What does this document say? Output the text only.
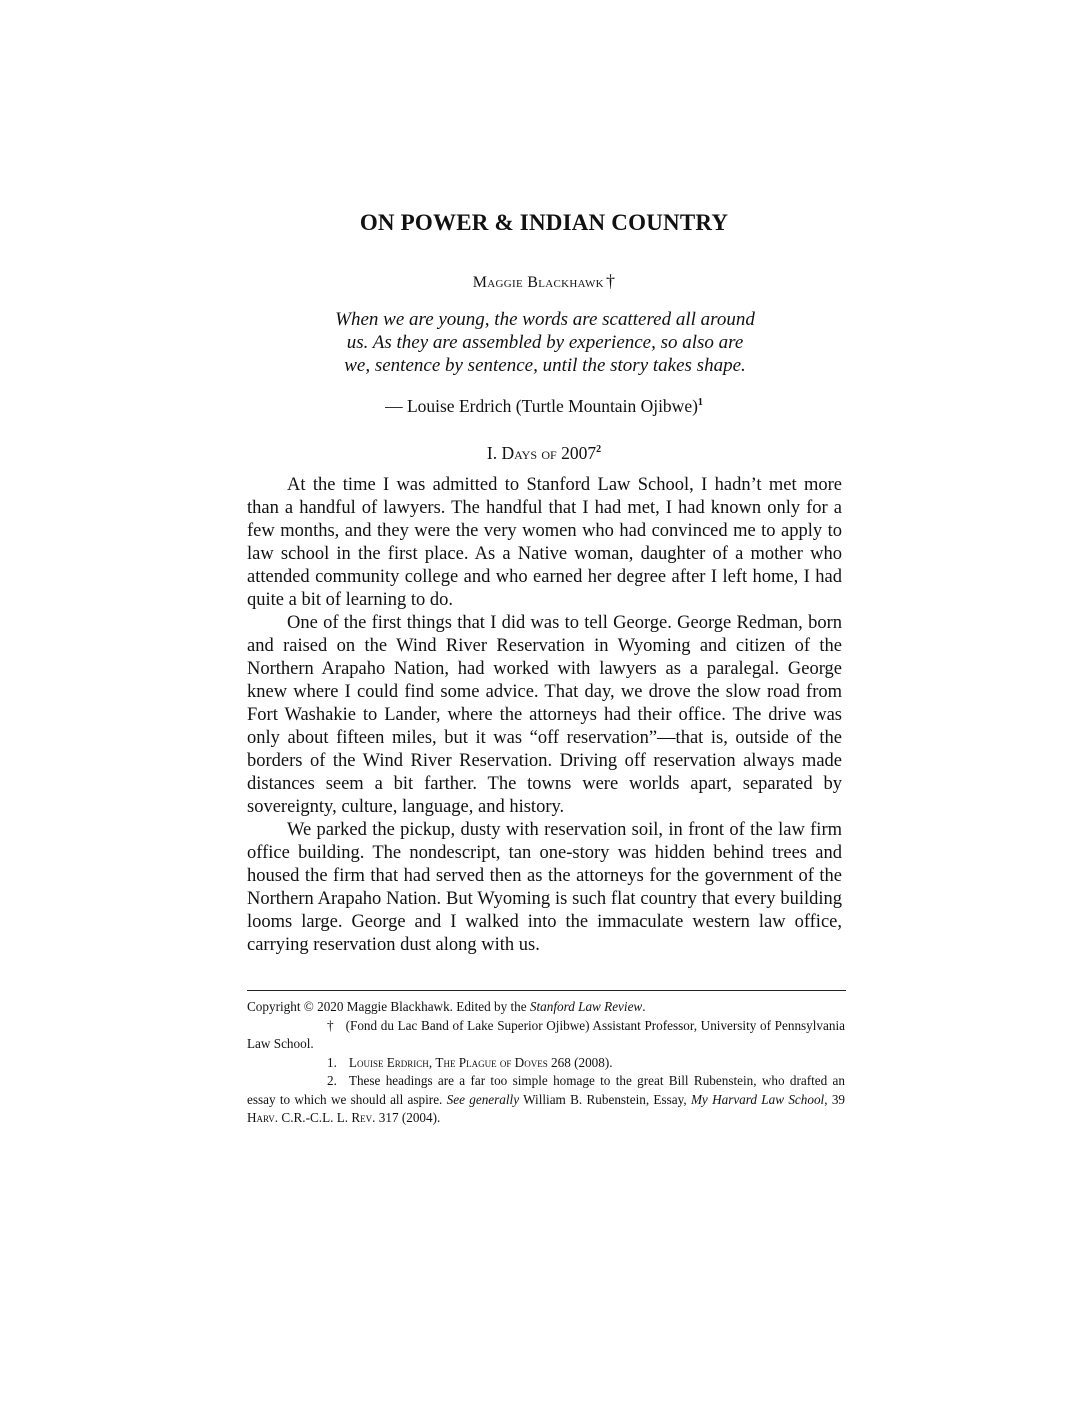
ON POWER & INDIAN COUNTRY
Maggie Blackhawk †
When we are young, the words are scattered all around
us. As they are assembled by experience, so also are
we, sentence by sentence, until the story takes shape.
— Louise Erdrich (Turtle Mountain Ojibwe)$^1$
I. Days of 2007$^2$

At the time I was admitted to Stanford Law School, I hadn’t met more than a handful of lawyers. The handful that I had met, I had known only for a few months, and they were the very women who had convinced me to apply to law school in the first place. As a Native woman, daughter of a mother who attended community college and who earned her degree after I left home, I had quite a bit of learning to do.

One of the first things that I did was to tell George. George Redman, born and raised on the Wind River Reservation in Wyoming and citizen of the Northern Arapaho Nation, had worked with lawyers as a paralegal. George knew where I could find some advice. That day, we drove the slow road from Fort Washakie to Lander, where the attorneys had their office. The drive was only about fifteen miles, but it was “off reservation”—that is, outside of the borders of the Wind River Reservation. Driving off reservation always made distances seem a bit farther. The towns were worlds apart, separated by sovereignty, culture, language, and history.

We parked the pickup, dusty with reservation soil, in front of the law firm office building. The nondescript, tan one-story was hidden behind trees and housed the firm that had served then as the attorneys for the government of the Northern Arapaho Nation. But Wyoming is such flat country that every building looms large. George and I walked into the immaculate western law office, carrying reservation dust along with us.

Copyright © 2020 Maggie Blackhawk. Edited by the Stanford Law Review.

† (Fond du Lac Band of Lake Superior Ojibwe) Assistant Professor, University of Pennsylvania Law School.

1. Louise Erdrich, The Plague of Doves 268 (2008).

2. These headings are a far too simple homage to the great Bill Rubenstein, who drafted an essay to which we should all aspire. See generally William B. Rubenstein, Essay, My Harvard Law School, 39 Harv. C.R.-C.L. L. Rev. 317 (2004).
